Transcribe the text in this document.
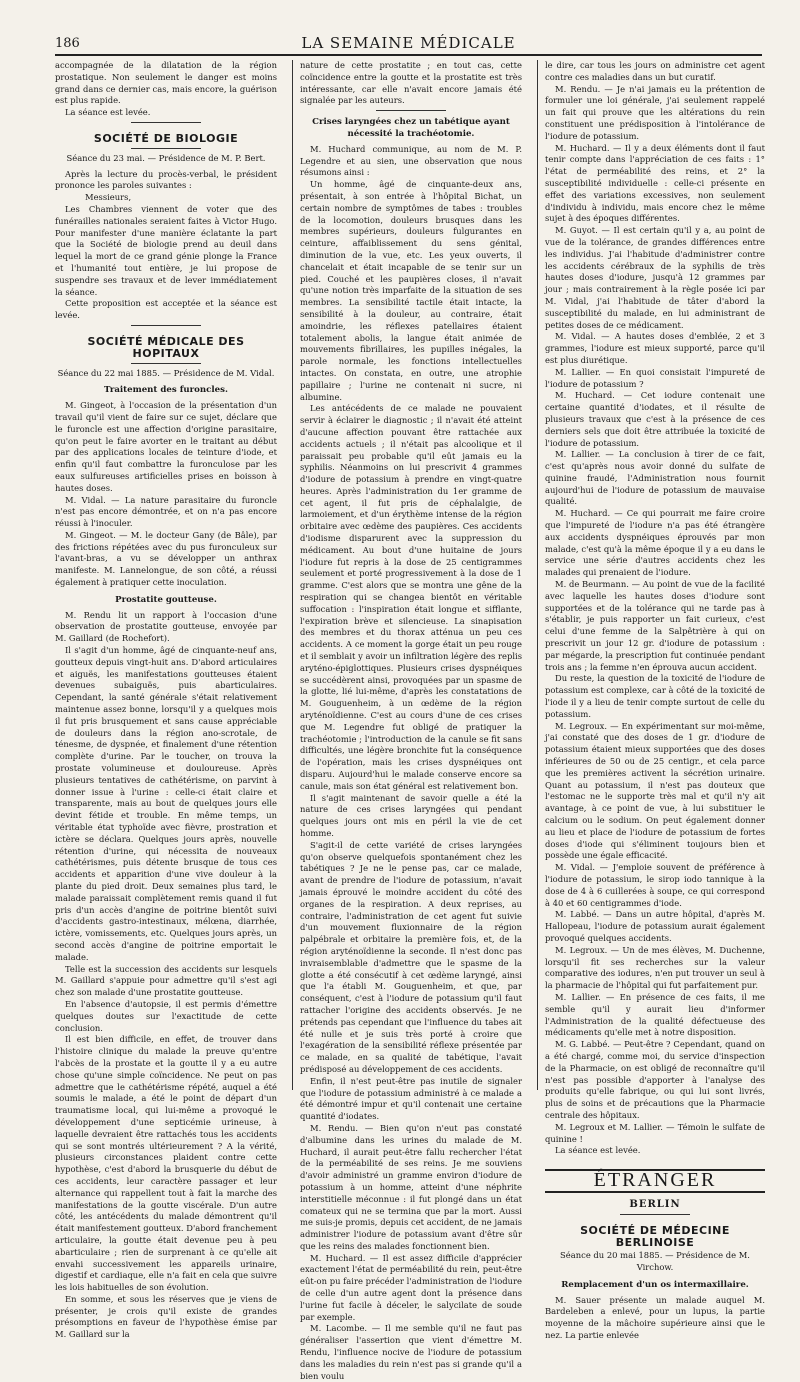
186	LA SEMAINE MÉDICALE

accompagnée de la dilatation de la région prostatique. Non seulement le danger est moins grand dans ce dernier cas, mais encore, la guérison est plus rapide.

La séance est levée.

SOCIÉTÉ DE BIOLOGIE
Séance du 23 mai. — Présidence de M. P. Bert.

Après la lecture du procès-verbal, le président prononce les paroles suivantes :

Messieurs,

Les Chambres viennent de voter que des funérailles nationales seraient faites à Victor Hugo. Pour manifester d'une manière éclatante la part que la Société de biologie prend au deuil dans lequel la mort de ce grand génie plonge la France et l'humanité tout entière, je lui propose de suspendre ses travaux et de lever immédiatement la séance.

Cette proposition est acceptée et la séance est levée.

SOCIÉTÉ MÉDICALE DES HOPITAUX
Séance du 22 mai 1885. — Présidence de M. Vidal.
Traitement des furoncles.

M. Gingeot, à l'occasion de la présentation d'un travail qu'il vient de faire sur ce sujet, déclare que le furoncle est une affection d'origine parasitaire, qu'on peut le faire avorter en le traitant au début par des applications locales de teinture d'iode, et enfin qu'il faut combattre la furonculose par les eaux sulfureuses artificielles prises en boisson à hautes doses.

M. Vidal. — La nature parasitaire du furoncle n'est pas encore démontrée, et on n'a pas encore réussi à l'inoculer.

M. Gingeot. — M. le docteur Gany (de Bâle), par des frictions répétées avec du pus furonculeux sur l'avant-bras, a vu se développer un anthrax manifeste. M. Lannelongue, de son côté, a réussi également à pratiquer cette inoculation.

Prostatite goutteuse.

M. Rendu lit un rapport à l'occasion d'une observation de prostatite goutteuse, envoyée par M. Gaillard (de Rochefort).

Il s'agit d'un homme, âgé de cinquante-neuf ans, goutteux depuis vingt-huit ans. D'abord articulaires et aiguës, les manifestations goutteuses étaient devenues subaiguës, puis abarticulaires. Cependant, la santé générale s'était relativement maintenue assez bonne, lorsqu'il y a quelques mois il fut pris brusquement et sans cause appréciable de douleurs dans la région ano-scrotale, de ténesme, de dyspnée, et finalement d'une rétention complète d'urine. Par le toucher, on trouva la prostate volumineuse et douloureuse. Après plusieurs tentatives de cathétérisme, on parvint à donner issue à l'urine : celle-ci était claire et transparente, mais au bout de quelques jours elle devint fétide et trouble. En même temps, un véritable état typhoïde avec fièvre, prostration et ictère se déclara. Quelques jours après, nouvelle rétention d'urine, qui nécessita de nouveaux cathétérismes, puis détente brusque de tous ces accidents et apparition d'une vive douleur à la plante du pied droit. Deux semaines plus tard, le malade paraissait complètement remis quand il fut pris d'un accès d'angine de poitrine bientôt suivi d'accidents gastro-intestinaux, mélœna, diarrhée, ictère, vomissements, etc. Quelques jours après, un second accès d'angine de poitrine emportait le malade.

Telle est la succession des accidents sur lesquels M. Gaillard s'appuie pour admettre qu'il s'est agi chez son malade d'une prostatite goutteuse.

En l'absence d'autopsie, il est permis d'émettre quelques doutes sur l'exactitude de cette conclusion.

Il est bien difficile, en effet, de trouver dans l'histoire clinique du malade la preuve qu'entre l'abcès de la prostate et la goutte il y a eu autre chose qu'une simple coïncidence. Ne peut on pas admettre que le cathétérisme répété, auquel a été soumis le malade, a été le point de départ d'un traumatisme local, qui lui-même a provoqué le développement d'une septicémie urineuse, à laquelle devraient être rattachés tous les accidents qui se sont montrés ultérieurement ? A la vérité, plusieurs circonstances plaident contre cette hypothèse, c'est d'abord la brusquerie du début de ces accidents, leur caractère passager et leur alternance qui rappellent tout à fait la marche des manifestations de la goutte viscérale. D'un autre côté, les antécédents du malade démontrent qu'il était manifestement goutteux. D'abord franchement articulaire, la goutte était devenue peu à peu abarticulaire ; rien de surprenant à ce qu'elle ait envahi successivement les appareils urinaire, digestif et cardiaque, elle n'a fait en cela que suivre les lois habituelles de son évolution.

En somme, et sous les réserves que je viens de présenter, je crois qu'il existe de grandes présomptions en faveur de l'hypothèse émise par M. Gaillard sur la

nature de cette prostatite ; en tout cas, cette coïncidence entre la goutte et la prostatite est très intéressante, car elle n'avait encore jamais été signalée par les auteurs.

Crises laryngées chez un tabétique ayant nécessité la trachéotomie.

M. Huchard communique, au nom de M. P. Legendre et au sien, une observation que nous résumons ainsi :

Un homme, âgé de cinquante-deux ans, présentait, à son entrée à l'hôpital Bichat, un certain nombre de symptômes de tabes : troubles de la locomotion, douleurs brusques dans les membres supérieurs, douleurs fulgurantes en ceinture, affaiblissement du sens génital, diminution de la vue, etc. Les yeux ouverts, il chancelait et était incapable de se tenir sur un pied. Couché et les paupières closes, il n'avait qu'une notion très imparfaite de la situation de ses membres. La sensibilité tactile était intacte, la sensibilité à la douleur, au contraire, était amoindrie, les réflexes patellaires étaient totalement abolis, la langue était animée de mouvements fibrillaires, les pupilles inégales, la parole normale, les fonctions intellectuelles intactes. On constata, en outre, une atrophie papillaire ; l'urine ne contenait ni sucre, ni albumine.

Les antécédents de ce malade ne pouvaient servir à éclairer le diagnostic ; il n'avait été atteint d'aucune affection pouvant être rattachée aux accidents actuels ; il n'était pas alcoolique et il paraissait peu probable qu'il eût jamais eu la syphilis. Néanmoins on lui prescrivit 4 grammes d'iodure de potassium à prendre en vingt-quatre heures. Après l'administration du 1er gramme de cet agent, il fut pris de céphalalgie, de larmoiement, et d'un érythème intense de la région orbitaire avec œdème des paupières. Ces accidents d'iodisme disparurent avec la suppression du médicament. Au bout d'une huitaine de jours l'iodure fut repris à la dose de 25 centigrammes seulement et porté progressivement à la dose de 1 gramme. C'est alors que se montra une gêne de la respiration qui se changea bientôt en véritable suffocation : l'inspiration était longue et sifflante, l'expiration brève et silencieuse. La sinapisation des membres et du thorax atténua un peu ces accidents. A ce moment la gorge était un peu rouge et il semblait y avoir un infiltration légère des replis aryténo-épiglottiques. Plusieurs crises dyspnéiques se succédèrent ainsi, provoquées par un spasme de la glotte, lié lui-même, d'après les constatations de M. Gouguenheim, à un œdème de la région aryténoïdienne. C'est au cours d'une de ces crises que M. Legendre fut obligé de pratiquer la trachéotomie ; l'introduction de la canule se fit sans difficultés, une légère bronchite fut la conséquence de l'opération, mais les crises dyspnéiques ont disparu. Aujourd'hui le malade conserve encore sa canule, mais son état général est relativement bon.

Il s'agit maintenant de savoir quelle a été la nature de ces crises laryngées qui pendant quelques jours ont mis en péril la vie de cet homme.

S'agit-il de cette variété de crises laryngées qu'on observe quelquefois spontanément chez les tabétiques ? Je ne le pense pas, car ce malade, avant de prendre de l'iodure de potassium, n'avait jamais éprouvé le moindre accident du côté des organes de la respiration. A deux reprises, au contraire, l'administration de cet agent fut suivie d'un mouvement fluxionnaire de la région palpébrale et orbitaire la première fois, et, de la région aryténoïdienne la seconde. Il n'est donc pas invraisemblable d'admettre que le spasme de la glotte a été consécutif à cet œdème laryngé, ainsi que l'a établi M. Gouguenheim, et que, par conséquent, c'est à l'iodure de potassium qu'il faut rattacher l'origine des accidents observés. Je ne prétends pas cependant que l'influence du tabes ait été nulle et je suis très porté à croire que l'exagération de la sensibilité réflexe présentée par ce malade, en sa qualité de tabétique, l'avait prédisposé au développement de ces accidents.

Enfin, il n'est peut-être pas inutile de signaler que l'iodure de potassium administré à ce malade a été démontré impur et qu'il contenait une certaine quantité d'iodates.

M. Rendu. — Bien qu'on n'eut pas constaté d'albumine dans les urines du malade de M. Huchard, il aurait peut-être fallu rechercher l'état de la perméabilité de ses reins. Je me souviens d'avoir administré un gramme environ d'iodure de potassium à un homme, atteint d'une néphrite interstitielle méconnue : il fut plongé dans un état comateux qui ne se termina que par la mort. Aussi me suis-je promis, depuis cet accident, de ne jamais administrer l'iodure de potassium avant d'être sûr que les reins des malades fonctionnent bien.

M. Huchard. — Il est assez difficile d'apprécier exactement l'état de perméabilité du rein, peut-être eût-on pu faire précéder l'administration de l'iodure de celle d'un autre agent dont la présence dans l'urine fut facile à déceler, le salycilate de soude par exemple.

M. Lacombe. — Il me semble qu'il ne faut pas généraliser l'assertion que vient d'émettre M. Rendu, l'influence nocive de l'iodure de potassium dans les maladies du rein n'est pas si grande qu'il a bien voulu

le dire, car tous les jours on administre cet agent contre ces maladies dans un but curatif.

M. Rendu. — Je n'ai jamais eu la prétention de formuler une loi générale, j'ai seulement rappelé un fait qui prouve que les altérations du rein constituent une prédisposition à l'intolérance de l'iodure de potassium.

M. Huchard. — Il y a deux éléments dont il faut tenir compte dans l'appréciation de ces faits : 1° l'état de perméabilité des reins, et 2° la susceptibilité individuelle : celle-ci présente en effet des variations excessives, non seulement d'individu à individu, mais encore chez le même sujet à des époques différentes.

M. Guyot. — Il est certain qu'il y a, au point de vue de la tolérance, de grandes différences entre les individus. J'ai l'habitude d'administrer contre les accidents cérébraux de la syphilis de très hautes doses d'iodure, jusqu'à 12 grammes par jour ; mais contrairement à la règle posée ici par M. Vidal, j'ai l'habitude de tâter d'abord la susceptibilité du malade, en lui administrant de petites doses de ce médicament.

M. Vidal. — A hautes doses d'emblée, 2 et 3 grammes, l'iodure est mieux supporté, parce qu'il est plus diurétique.

M. Lallier. — En quoi consistait l'impureté de l'iodure de potassium ?

M. Huchard. — Cet iodure contenait une certaine quantité d'iodates, et il résulte de plusieurs travaux que c'est à la présence de ces derniers sels que doit être attribuée la toxicité de l'iodure de potassium.

M. Lallier. — La conclusion à tirer de ce fait, c'est qu'après nous avoir donné du sulfate de quinine fraudé, l'Administration nous fournit aujourd'hui de l'iodure de potassium de mauvaise qualité.

M. Huchard. — Ce qui pourrait me faire croire que l'impureté de l'iodure n'a pas été étrangère aux accidents dyspnéiques éprouvés par mon malade, c'est qu'à la même époque il y a eu dans le service une série d'autres accidents chez les malades qui prenaient de l'iodure.

M. de Beurmann. — Au point de vue de la facilité avec laquelle les hautes doses d'iodure sont supportées et de la tolérance qui ne tarde pas à s'établir, je puis rapporter un fait curieux, c'est celui d'une femme de la Salpêtrière à qui on prescrivit un jour 12 gr. d'iodure de potassium : par mégarde, la prescription fut continuée pendant trois ans ; la femme n'en éprouva aucun accident.

Du reste, la question de la toxicité de l'iodure de potassium est complexe, car à côté de la toxicité de l'iode il y a lieu de tenir compte surtout de celle du potassium.

M. Legroux. — En expérimentant sur moi-même, j'ai constaté que des doses de 1 gr. d'iodure de potassium étaient mieux supportées que des doses inférieures de 50 ou de 25 centigr., et cela parce que les premières activent la sécrétion urinaire. Quant au potassium, il n'est pas douteux que l'estomac ne le supporte très mal et qu'il n'y ait avantage, à ce point de vue, à lui substituer le calcium ou le sodium. On peut également donner au lieu et place de l'iodure de potassium de fortes doses d'iode qui s'éliminent toujours bien et possède une égale efficacité.

M. Vidal. — J'emploie souvent de préférence à l'iodure de potassium, le sirop iodo tannique à la dose de 4 à 6 cuillerées à soupe, ce qui correspond à 40 et 60 centigrammes d'iode.

M. Labbé. — Dans un autre hôpital, d'après M. Hallopeau, l'iodure de potassium aurait également provoqué quelques accidents.

M. Legroux. — Un de mes élèves, M. Duchenne, lorsqu'il fit ses recherches sur la valeur comparative des iodures, n'en put trouver un seul à la pharmacie de l'hôpital qui fut parfaitement pur.

M. Lallier. — En présence de ces faits, il me semble qu'il y aurait lieu d'informer l'Administration de la qualité défectueuse des médicaments qu'elle met à notre disposition.

M. G. Labbé. — Peut-être ? Cependant, quand on a été chargé, comme moi, du service d'inspection de la Pharmacie, on est obligé de reconnaître qu'il n'est pas possible d'apporter à l'analyse des produits qu'elle fabrique, ou qui lui sont livrés, plus de soins et de précautions que la Pharmacie centrale des hôpitaux.

M. Legroux et M. Lallier. — Témoin le sulfate de quinine !

La séance est levée.

ÉTRANGER
BERLIN
SOCIÉTÉ DE MÉDECINE BERLINOISE
Séance du 20 mai 1885. — Présidence de M. Virchow.
Remplacement d'un os intermaxillaire.

M. Sauer présente un malade auquel M. Bardeleben a enlevé, pour un lupus, la partie moyenne de la mâchoire supérieure ainsi que le nez. La partie enlevée
